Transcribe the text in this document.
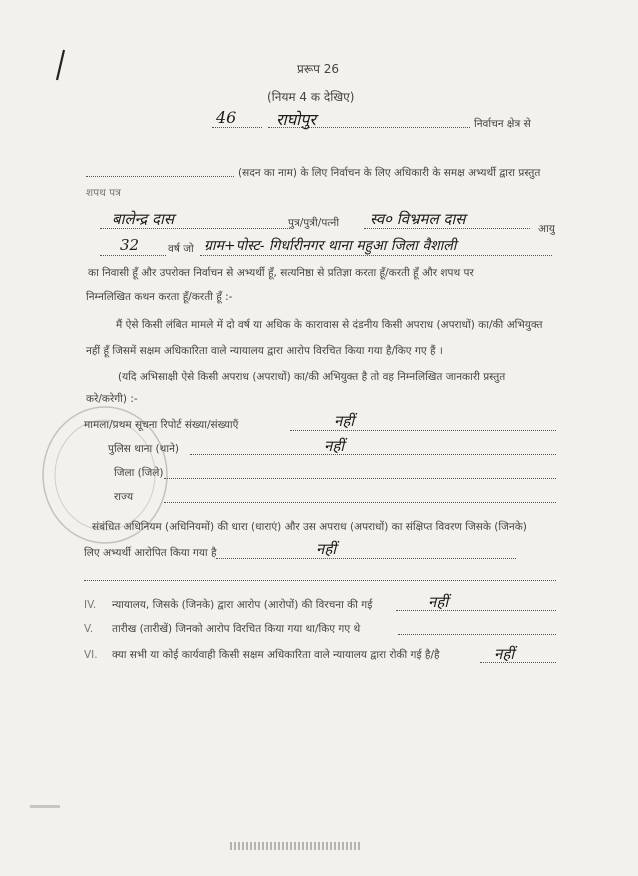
प्ररूप 26
(नियम 4 क देखिए)
46 राघोपुर	निर्वाचन क्षेत्र से
(सदन का नाम) के लिए निर्वाचन के लिए अधिकारी के समक्ष अभ्यर्थी द्वारा प्रस्तुत
शपथ पत्र
बालेन्द्र दास	पुत्र/पुत्री/पत्नी स्व० विभ्रमल दास
आयु
32	वर्ष जो ग्राम+पोस्ट- गिर्धारीनगर थाना महुआ जिला वैशाली
का निवासी हूँ और उपरोक्त निर्वाचन से अभ्यर्थी हूँ, सत्यनिष्ठा से प्रतिज्ञा करता हूँ/करती हूँ और शपथ पर
निम्नलिखित कथन करता हूँ/करती हूँ :-
मैं ऐसे किसी लंबित मामले में दो वर्ष या अधिक के कारावास से दंडनीय किसी अपराध (अपराधों) का/की अभियुक्त
नहीं हूँ जिसमें सक्षम अधिकारिता वाले न्यायालय द्वारा आरोप विरचित किया गया है/किए गए हैं ।
(यदि अभिसाक्षी ऐसे किसी अपराध (अपराधों) का/की अभियुक्त है तो वह निम्नलिखित जानकारी प्रस्तुत
करे/करेगी) :-
मामला/प्रथम सूचना रिपोर्ट संख्या/संख्याएँ	नहीं
पुलिस थाना (थाने)	नहीं
जिला (जिले)
राज्य
संबंधित अधिनियम (अधिनियमों) की धारा (धाराएं) और उस अपराध (अपराधों) का संक्षिप्त विवरण जिसके (जिनके)
लिए अभ्यर्थी आरोपित किया गया है	नहीं
IV. न्यायालय, जिसके (जिनके) द्वारा आरोप (आरोपों) की विरचना की गई	नहीं
V. तारीख (तारीखें) जिनको आरोप विरचित किया गया था/किए गए थे
VI. क्या सभी या कोई कार्यवाही किसी सक्षम अधिकारिता वाले न्यायालय द्वारा रोकी गई है/है	नहीं
